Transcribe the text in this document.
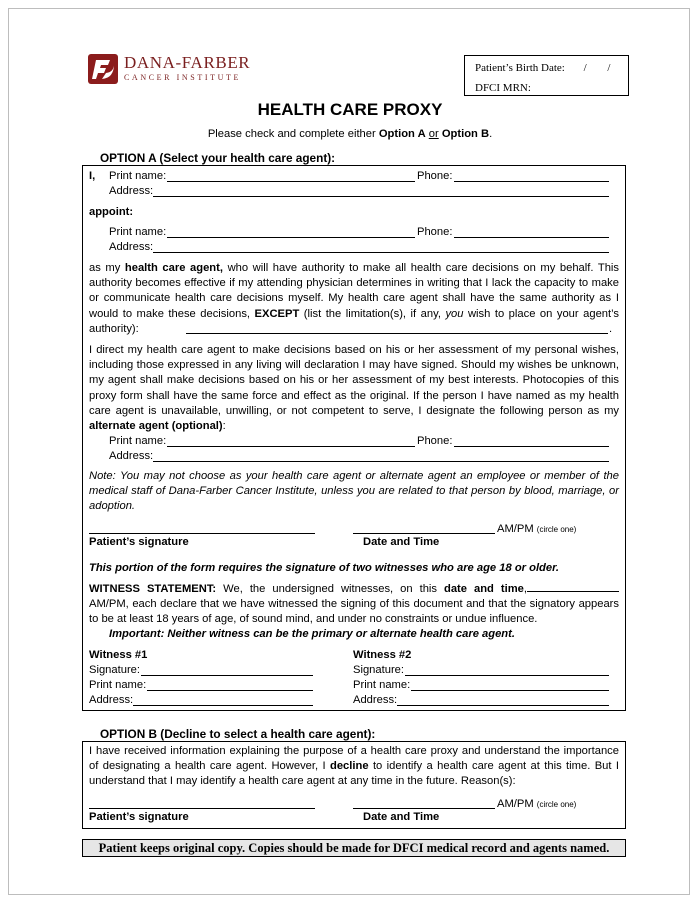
DANA-FARBER
CANCER INSTITUTE
Patient’s Birth Date: / /
DFCI MRN:
HEALTH CARE PROXY
Please check and complete either Option A or Option B.
OPTION A (Select your health care agent):
I, Print name:	Phone:
Address:
appoint:
Print name:	Phone:
Address:
as my health care agent, who will have authority to make all health care decisions on my behalf. This authority becomes effective if my attending physician determines in writing that I lack the capacity to make or communicate health care decisions myself. My health care agent shall have the same authority as I would to make these decisions, EXCEPT (list the limitation(s), if any, you wish to place on your agent’s authority):	.
I direct my health care agent to make decisions based on his or her assessment of my personal wishes, including those expressed in any living will declaration I may have signed. Should my wishes be unknown, my agent shall make decisions based on his or her assessment of my best interests. Photocopies of this proxy form shall have the same force and effect as the original. If the person I have named as my health care agent is unavailable, unwilling, or not competent to serve, I designate the following person as my alternate agent (optional):
Print name:	Phone:
Address:
Note: You may not choose as your health care agent or alternate agent an employee or member of the medical staff of Dana-Farber Cancer Institute, unless you are related to that person by blood, marriage, or adoption.
AM/PM (circle one)
Patient’s signature	Date and Time
This portion of the form requires the signature of two witnesses who are age 18 or older.
WITNESS STATEMENT: We, the undersigned witnesses, on this date and time,AM/PM, each declare that we have witnessed the signing of this document and that the signatory appears to be at least 18 years of age, of sound mind, and under no constraints or undue influence.
Important: Neither witness can be the primary or alternate health care agent.
Witness #1
Signature:
Print name:
Address:
Witness #2
Signature:
Print name:
Address:
OPTION B (Decline to select a health care agent):
I have received information explaining the purpose of a health care proxy and understand the importance of designating a health care agent. However, I decline to identify a health care agent at this time. But I understand that I may identify a health care agent at any time in the future. Reason(s):
AM/PM (circle one)
Patient’s signature	Date and Time
Patient keeps original copy. Copies should be made for DFCI medical record and agents named.
